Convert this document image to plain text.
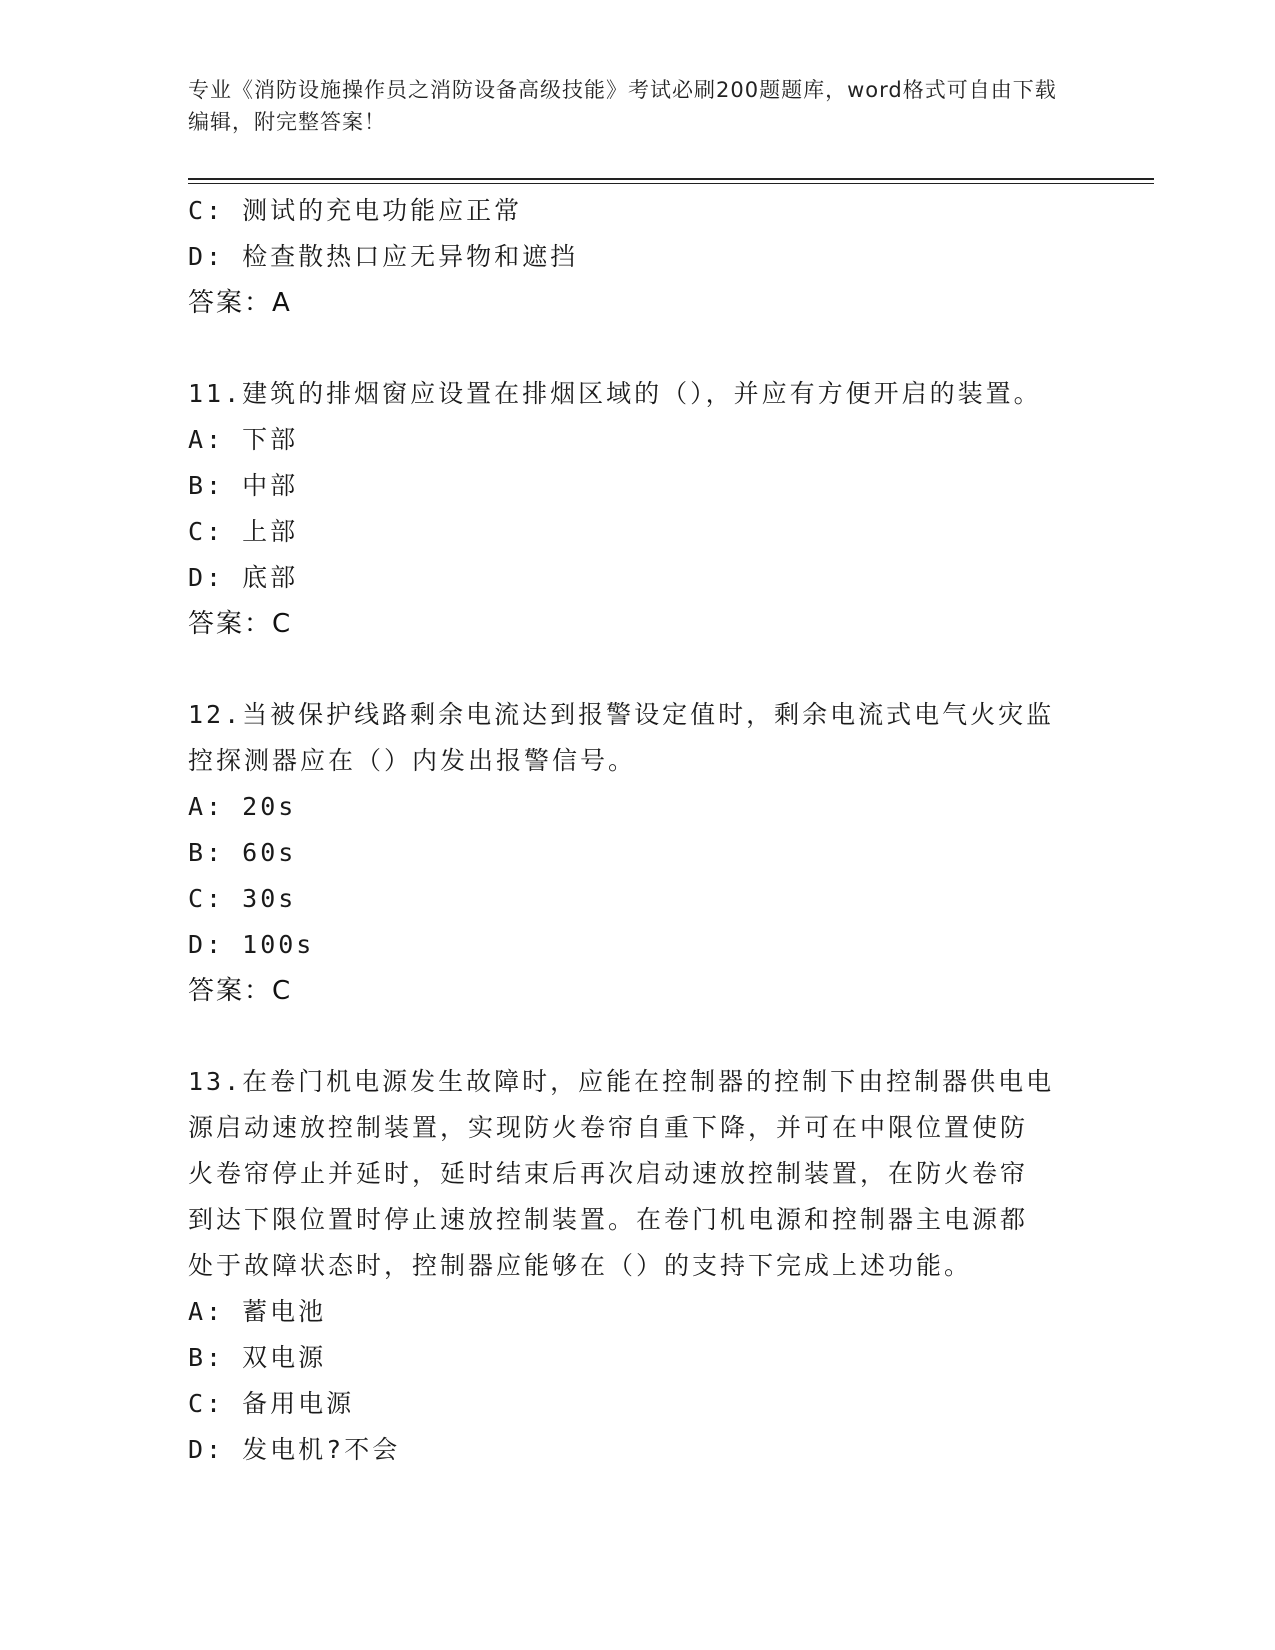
专业《消防设施操作员之消防设备高级技能》考试必刷200题题库，word格式可自由下载编辑，附完整答案！
C: 测试的充电功能应正常
D: 检查散热口应无异物和遮挡
答案：A
11.建筑的排烟窗应设置在排烟区域的（），并应有方便开启的装置。
A: 下部
B: 中部
C: 上部
D: 底部
答案：C
12.当被保护线路剩余电流达到报警设定值时，剩余电流式电气火灾监
控探测器应在（）内发出报警信号。
A: 20s
B: 60s
C: 30s
D: 100s
答案：C
13.在卷门机电源发生故障时，应能在控制器的控制下由控制器供电电
源启动速放控制装置，实现防火卷帘自重下降，并可在中限位置使防
火卷帘停止并延时，延时结束后再次启动速放控制装置，在防火卷帘
到达下限位置时停止速放控制装置。在卷门机电源和控制器主电源都
处于故障状态时，控制器应能够在（）的支持下完成上述功能。
A: 蓄电池
B: 双电源
C: 备用电源
D: 发电机?不会
